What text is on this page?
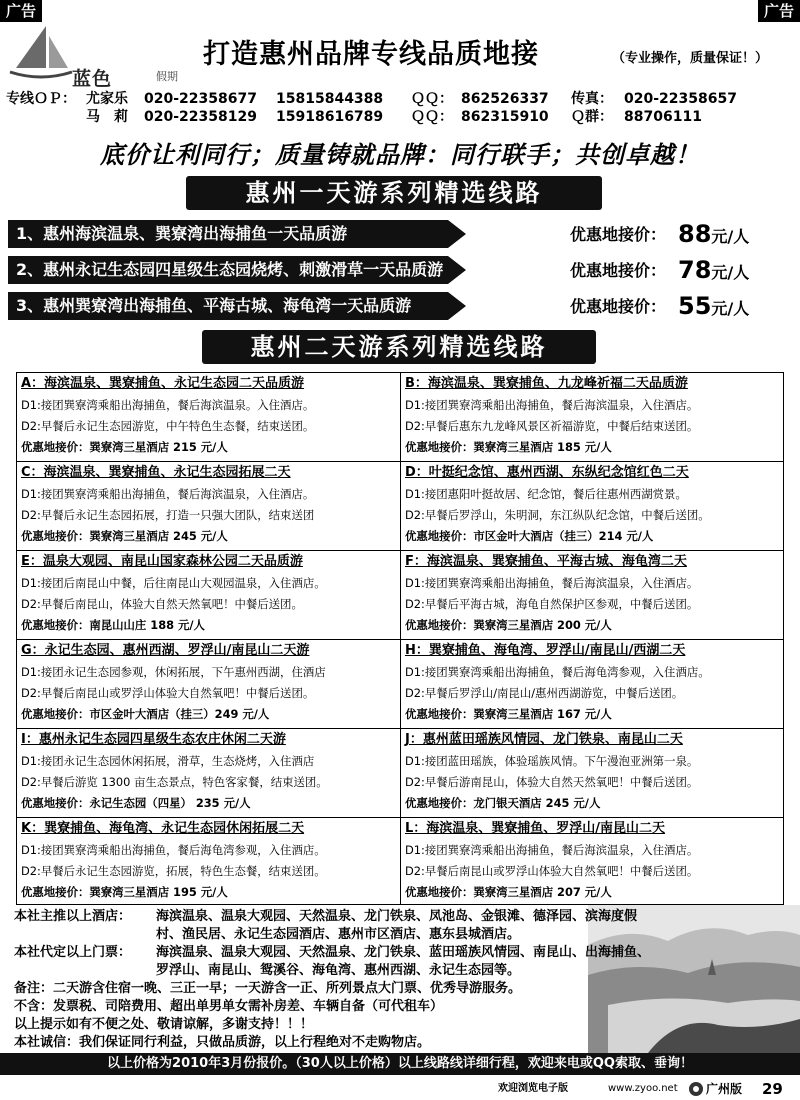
广告	广告
蓝色	假期
打造惠州品牌专线品质地接	（专业操作，质量保证！）
专线ＯＰ： 尤家乐 020-22358677 15815844388 ＱＱ： 862526337 传真： 020-22358657
马　莉 020-22358129 15918616789 ＱＱ： 862315910 Ｑ群： 88706111
底价让利同行；质量铸就品牌：同行联手；共创卓越！
惠州一天游系列精选线路
1、惠州海滨温泉、巽寮湾出海捕鱼一天品质游	优惠地接价： 88元/人
2、惠州永记生态园四星级生态园烧烤、刺激滑草一天品质游	优惠地接价： 78元/人
3、惠州巽寮湾出海捕鱼、平海古城、海龟湾一天品质游	优惠地接价： 55元/人
惠州二天游系列精选线路
A：海滨温泉、巽寮捕鱼、永记生态园二天品质游
D1:接团巽寮湾乘船出海捕鱼，餐后海滨温泉。入住酒店。
D2:早餐后永记生态园游览，中午特色生态餐，结束送团。
优惠地接价：巽寮湾三星酒店 215 元/人
B：海滨温泉、巽寮捕鱼、九龙峰祈福二天品质游
D1:接团巽寮湾乘船出海捕鱼，餐后海滨温泉，入住酒店。
D2:早餐后惠东九龙峰风景区祈福游览，中餐后结束送团。
优惠地接价：巽寮湾三星酒店 185 元/人
C：海滨温泉、巽寮捕鱼、永记生态园拓展二天
D1:接团巽寮湾乘船出海捕鱼，餐后海滨温泉，入住酒店。
D2:早餐后永记生态园拓展，打造一只强大团队，结束送团
优惠地接价：巽寮湾三星酒店 245 元/人
D：叶挺纪念馆、惠州西湖、东纵纪念馆红色二天
D1:接团惠阳叶挺故居、纪念馆，餐后往惠州西湖赏景。
D2:早餐后罗浮山，朱明洞，东江纵队纪念馆，中餐后送团。
优惠地接价：市区金叶大酒店（挂三）214 元/人
E：温泉大观园、南昆山国家森林公园二天品质游
D1:接团后南昆山中餐，后往南昆山大观园温泉，入住酒店。
D2:早餐后南昆山，体验大自然天然氧吧！中餐后送团。
优惠地接价：南昆山山庄 188 元/人
F：海滨温泉、巽寮捕鱼、平海古城、海龟湾二天
D1:接团巽寮湾乘船出海捕鱼，餐后海滨温泉，入住酒店。
D2:早餐后平海古城，海龟自然保护区参观，中餐后送团。
优惠地接价：巽寮湾三星酒店 200 元/人
G：永记生态园、惠州西湖、罗浮山/南昆山二天游
D1:接团永记生态园参观，休闲拓展，下午惠州西湖，住酒店
D2:早餐后南昆山或罗浮山体验大自然氧吧！中餐后送团。
优惠地接价：市区金叶大酒店（挂三）249 元/人
H：巽寮捕鱼、海龟湾、罗浮山/南昆山/西湖二天
D1:接团巽寮湾乘船出海捕鱼，餐后海龟湾参观，入住酒店。
D2:早餐后罗浮山/南昆山/惠州西湖游览，中餐后送团。
优惠地接价：巽寮湾三星酒店 167 元/人
I：惠州永记生态园四星级生态农庄休闲二天游
D1:接团永记生态园休闲拓展，滑草，生态烧烤，入住酒店
D2:早餐后游览 1300 亩生态景点，特色客家餐，结束送团。
优惠地接价：永记生态园（四星） 235 元/人
J：惠州蓝田瑶族风情园、龙门铁泉、南昆山二天
D1:接团蓝田瑶族，体验瑶族风情。下午漫泡亚洲第一泉。
D2:早餐后游南昆山，体验大自然天然氧吧！中餐后送团。
优惠地接价：龙门银天酒店 245 元/人
K：巽寮捕鱼、海龟湾、永记生态园休闲拓展二天
D1:接团巽寮湾乘船出海捕鱼，餐后海龟湾参观，入住酒店。
D2:早餐后永记生态园游览，拓展，特色生态餐，结束送团。
优惠地接价：巽寮湾三星酒店 195 元/人
L：海滨温泉、巽寮捕鱼、罗浮山/南昆山二天
D1:接团巽寮湾乘船出海捕鱼，餐后海滨温泉，入住酒店。
D2:早餐后南昆山或罗浮山体验大自然氧吧！中餐后送团。
优惠地接价：巽寮湾三星酒店 207 元/人
本社主推以上酒店：	海滨温泉、温泉大观园、天然温泉、龙门铁泉、凤池岛、金银滩、德泽园、滨海度假村、渔民居、永记生态园酒店、惠州市区酒店、惠东县城酒店。
本社代定以上门票：	海滨温泉、温泉大观园、天然温泉、龙门铁泉、蓝田瑶族风情园、南昆山、出海捕鱼、罗浮山、南昆山、鸳溪谷、海龟湾、惠州西湖、永记生态园等。
备注：二天游含住宿一晚、三正一早；一天游含一正、所列景点大门票、优秀导游服务。
不含：发票税、司陪费用、超出单男单女需补房差、车辆自备（可代租车）
以上提示如有不便之处、敬请谅解，多谢支持！！！
本社诚信：我们保证同行利益，只做品质游，以上行程绝对不走购物店。
以上价格为2010年3月份报价。（30人以上价格）以上线路线详细行程，欢迎来电或QQ索取、垂询！
欢迎浏览电子版	www.zyoo.net 广州版 29
